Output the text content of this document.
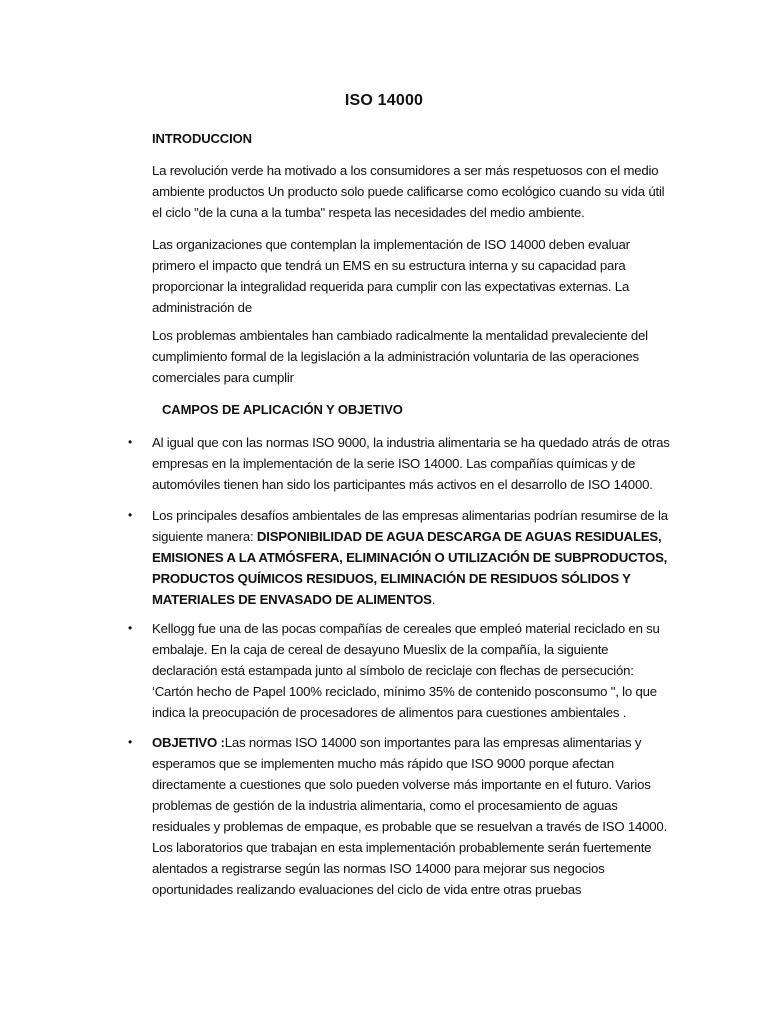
ISO 14000
INTRODUCCION

La revolución verde ha motivado a los consumidores a ser más respetuosos con el medio ambiente productos Un producto solo puede calificarse como ecológico cuando su vida útil el ciclo "de la cuna a la tumba" respeta las necesidades del medio ambiente.

Las organizaciones que contemplan la implementación de ISO 14000 deben evaluar primero el impacto que tendrá un EMS en su estructura interna y su capacidad para proporcionar la integralidad requerida para cumplir con las expectativas externas. La administración de

Los problemas ambientales han cambiado radicalmente la mentalidad prevaleciente del cumplimiento formal de la legislación a la administración voluntaria de las operaciones comerciales para cumplir

CAMPOS DE APLICACIÓN Y OBJETIVO
•	Al igual que con las normas ISO 9000, la industria alimentaria se ha quedado atrás de otras empresas en la implementación de la serie ISO 14000. Las compañías químicas y de automóviles tienen han sido los participantes más activos en el desarrollo de ISO 14000.
•	Los principales desafíos ambientales de las empresas alimentarias podrían resumirse de la siguiente manera: DISPONIBILIDAD DE AGUA DESCARGA DE AGUAS RESIDUALES, EMISIONES A LA ATMÓSFERA, ELIMINACIÓN O UTILIZACIÓN DE SUBPRODUCTOS, PRODUCTOS QUÍMICOS RESIDUOS, ELIMINACIÓN DE RESIDUOS SÓLIDOS Y MATERIALES DE ENVASADO DE ALIMENTOS.
•	Kellogg fue una de las pocas compañías de cereales que empleó material reciclado en su embalaje. En la caja de cereal de desayuno Mueslix de la compañía, la siguiente declaración está estampada junto al símbolo de reciclaje con flechas de persecución: ‘Cartón hecho de Papel 100% reciclado, mínimo 35% de contenido posconsumo ", lo que indica la preocupación de procesadores de alimentos para cuestiones ambientales .
•	OBJETIVO :Las normas ISO 14000 son importantes para las empresas alimentarias y esperamos que se implementen mucho más rápido que ISO 9000 porque afectan directamente a cuestiones que solo pueden volverse más importante en el futuro. Varios problemas de gestión de la industria alimentaria, como el procesamiento de aguas residuales y problemas de empaque, es probable que se resuelvan a través de ISO 14000. Los laboratorios que trabajan en esta implementación probablemente serán fuertemente alentados a registrarse según las normas ISO 14000 para mejorar sus negocios oportunidades realizando evaluaciones del ciclo de vida entre otras pruebas
